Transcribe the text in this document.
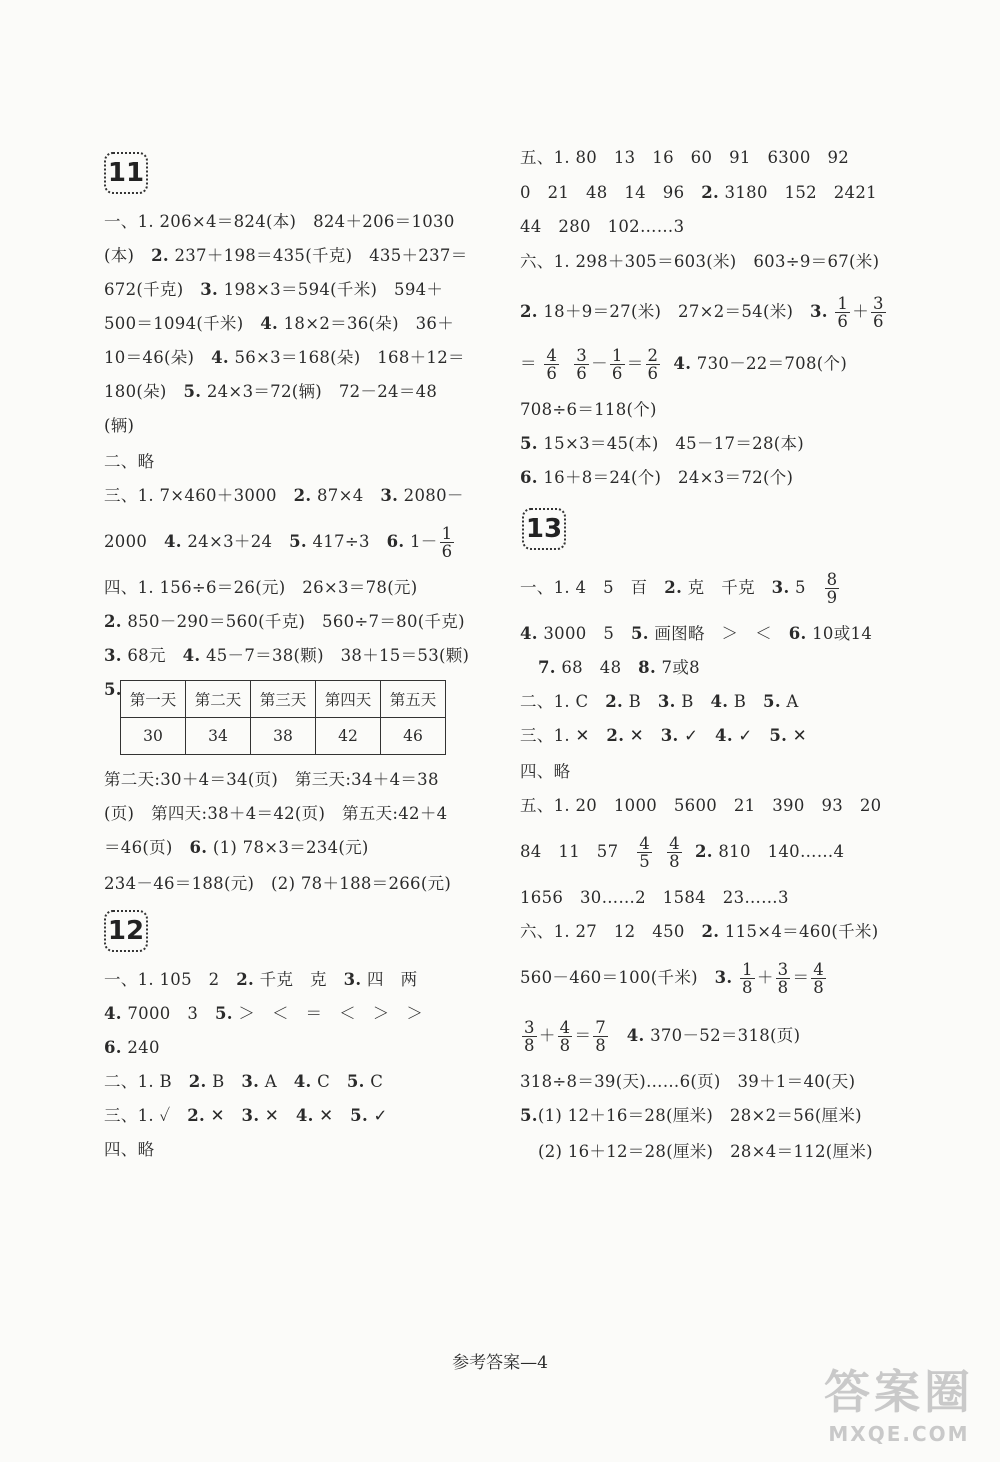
11
一、1. 206×4＝824(本)　824＋206＝1030
(本)　2. 237＋198＝435(千克)　435＋237＝
672(千克)　3. 198×3＝594(千米)　594＋
500＝1094(千米)　4. 18×2＝36(朵)　36＋
10＝46(朵)　4. 56×3＝168(朵)　168＋12＝
180(朵)　5. 24×3＝72(辆)　72－24＝48
(辆)
二、略
三、1. 7×460＋3000　2. 87×4　3. 2080－
2000　4. 24×3＋24　5. 417÷3　6. $1- \frac{1}{6}$
四、1. 156÷6＝26(元)　26×3＝78(元)
2. 850－290＝560(千克)　560÷7＝80(千克)
3. 68元　4. 45－7＝38(颗)　38＋15＝53(颗)
5.
第一天	第二天	第三天	第四天	第五天
30	34	38	42	46
第二天:30＋4＝34(页)　第三天:34＋4＝38
(页)　第四天:38＋4＝42(页)　第五天:42＋4
＝46(页)　6. (1) 78×3＝234(元)
234－46＝188(元)　(2) 78＋188＝266(元)
12
一、1. 105　2　2. 千克　克　3. 四　两
4. 7000　3　5. ＞　＜　＝　＜　＞　＞
6. 240
二、1. B　2. B　3. A　4. C　5. C
三、1. ✓　2. ✕　3. ✕　4. ✕　5. ✓
四、略
五、1. 80　13　16　60　91　6300　92
0　21　48　14　96　2. 3180　152　2421
44　280　102……3
六、1. 298＋305＝603(米)　603÷9＝67(米)
2. 18＋9＝27(米)　27×2＝54(米)　3. $\frac{1}{6} + \frac{3}{6}$
＝ $\frac{4}{6}$
$\frac{3}{6} - \frac{1}{6} = \frac{2}{6} 4$. 730－22＝708(个)
708÷6＝118(个)
5. 15×3＝45(本)　45－17＝28(本)
6. 16＋8＝24(个)　24×3＝72(个)
13
一、1. 4　5　百　2. 克　千克　3. 5　 $\frac{8}{9}$
4. 3000　5　5. 画图略　＞　＜　6. 10或14
7. 68　48　8. 7或8
二、1. C　2. B　3. B　4. B　5. A
三、1. ✕　2. ✕　3. ✓　4. ✓　5. ✕
四、略
五、1. 20　1000　5600　21　390　93　20
84　11　57　 $\frac{4}{5}$
$\frac{4}{8} 2$. 810　140……4
1656　30……2　1584　23……3
六、1. 27　12　450　2. 115×4＝460(千米)
560－460＝100(千米)　3. $\frac{1}{8} + \frac{3}{8} = \frac{4}{8}$
$\frac{3}{8} + \frac{4}{8} = \frac{7}{8} 4$. 370－52＝318(页)
318÷8＝39(天)……6(页)　39＋1＝40(天)
5.(1) 12＋16＝28(厘米)　28×2＝56(厘米)
(2) 16＋12＝28(厘米)　28×4＝112(厘米)
参考答案—4
答案圈
MXQE.COM
